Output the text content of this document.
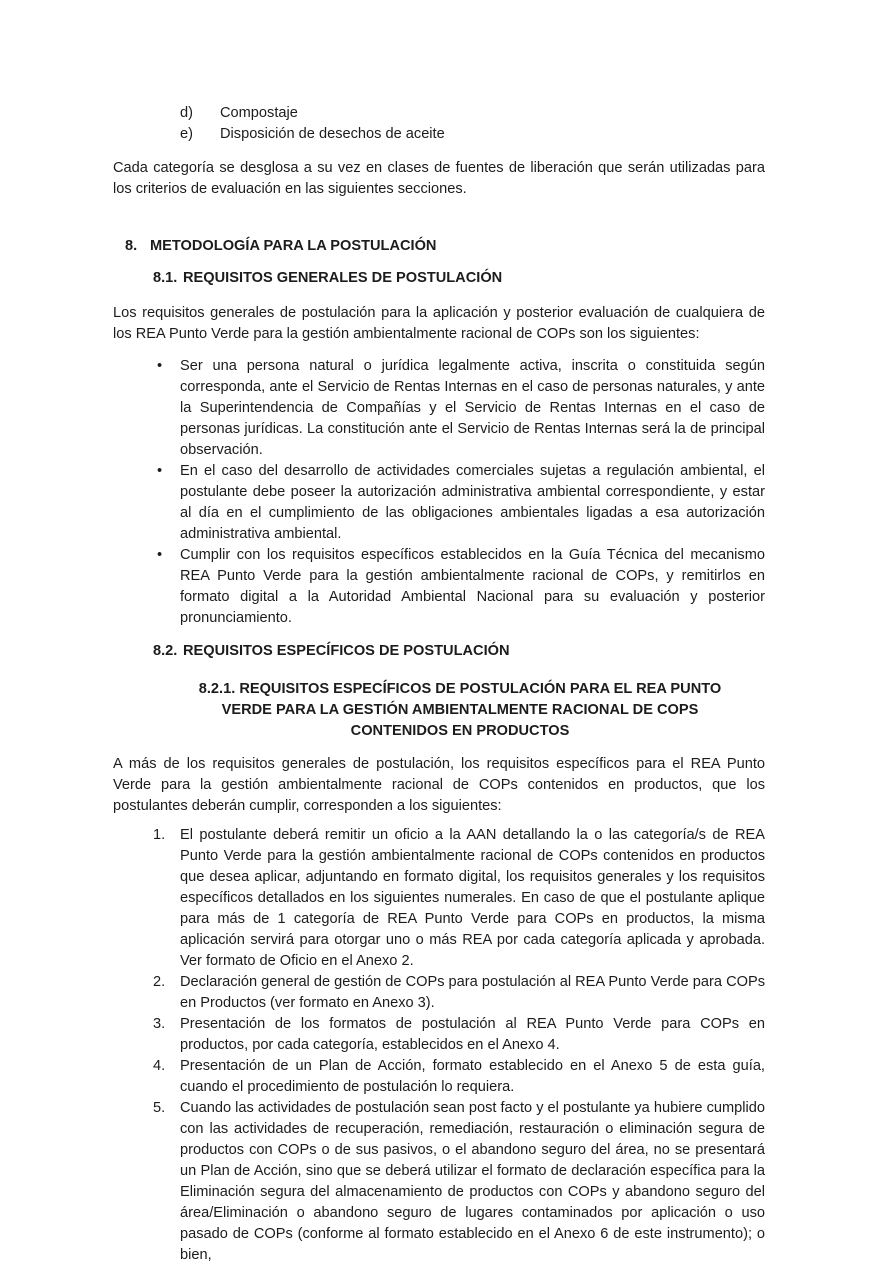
d)	Compostaje
e)	Disposición de desechos de aceite

Cada categoría se desglosa a su vez en clases de fuentes de liberación que serán utilizadas para los criterios de evaluación en las siguientes secciones.

8. METODOLOGÍA PARA LA POSTULACIÓN
8.1. REQUISITOS GENERALES DE POSTULACIÓN

Los requisitos generales de postulación para la aplicación y posterior evaluación de cualquiera de los REA Punto Verde para la gestión ambientalmente racional de COPs son los siguientes:

•	Ser una persona natural o jurídica legalmente activa, inscrita o constituida según corresponda, ante el Servicio de Rentas Internas en el caso de personas naturales, y ante la Superintendencia de Compañías y el Servicio de Rentas Internas en el caso de personas jurídicas. La constitución ante el Servicio de Rentas Internas será la de principal observación.
•	En el caso del desarrollo de actividades comerciales sujetas a regulación ambiental, el postulante debe poseer la autorización administrativa ambiental correspondiente, y estar al día en el cumplimiento de las obligaciones ambientales ligadas a esa autorización administrativa ambiental.
•	Cumplir con los requisitos específicos establecidos en la Guía Técnica del mecanismo REA Punto Verde para la gestión ambientalmente racional de COPs, y remitirlos en formato digital a la Autoridad Ambiental Nacional para su evaluación y posterior pronunciamiento.
8.2. REQUISITOS ESPECÍFICOS DE POSTULACIÓN
8.2.1. REQUISITOS ESPECÍFICOS DE POSTULACIÓN PARA EL REA PUNTO VERDE PARA LA GESTIÓN AMBIENTALMENTE RACIONAL DE COPS CONTENIDOS EN PRODUCTOS

A más de los requisitos generales de postulación, los requisitos específicos para el REA Punto Verde para la gestión ambientalmente racional de COPs contenidos en productos, que los postulantes deberán cumplir, corresponden a los siguientes:

1.	El postulante deberá remitir un oficio a la AAN detallando la o las categoría/s de REA Punto Verde para la gestión ambientalmente racional de COPs contenidos en productos que desea aplicar, adjuntando en formato digital, los requisitos generales y los requisitos específicos detallados en los siguientes numerales. En caso de que el postulante aplique para más de 1 categoría de REA Punto Verde para COPs en productos, la misma aplicación servirá para otorgar uno o más REA por cada categoría aplicada y aprobada. Ver formato de Oficio en el Anexo 2.
2.	Declaración general de gestión de COPs para postulación al REA Punto Verde para COPs en Productos (ver formato en Anexo 3).
3.	Presentación de los formatos de postulación al REA Punto Verde para COPs en productos, por cada categoría, establecidos en el Anexo 4.
4.	Presentación de un Plan de Acción, formato establecido en el Anexo 5 de esta guía, cuando el procedimiento de postulación lo requiera.
5.	Cuando las actividades de postulación sean post facto y el postulante ya hubiere cumplido con las actividades de recuperación, remediación, restauración o eliminación segura de productos con COPs o de sus pasivos, o el abandono seguro del área, no se presentará un Plan de Acción, sino que se deberá utilizar el formato de declaración específica para la Eliminación segura del almacenamiento de productos con COPs y abandono seguro del área/Eliminación o abandono seguro de lugares contaminados por aplicación o uso pasado de COPs (conforme al formato establecido en el Anexo 6 de este instrumento); o bien,
